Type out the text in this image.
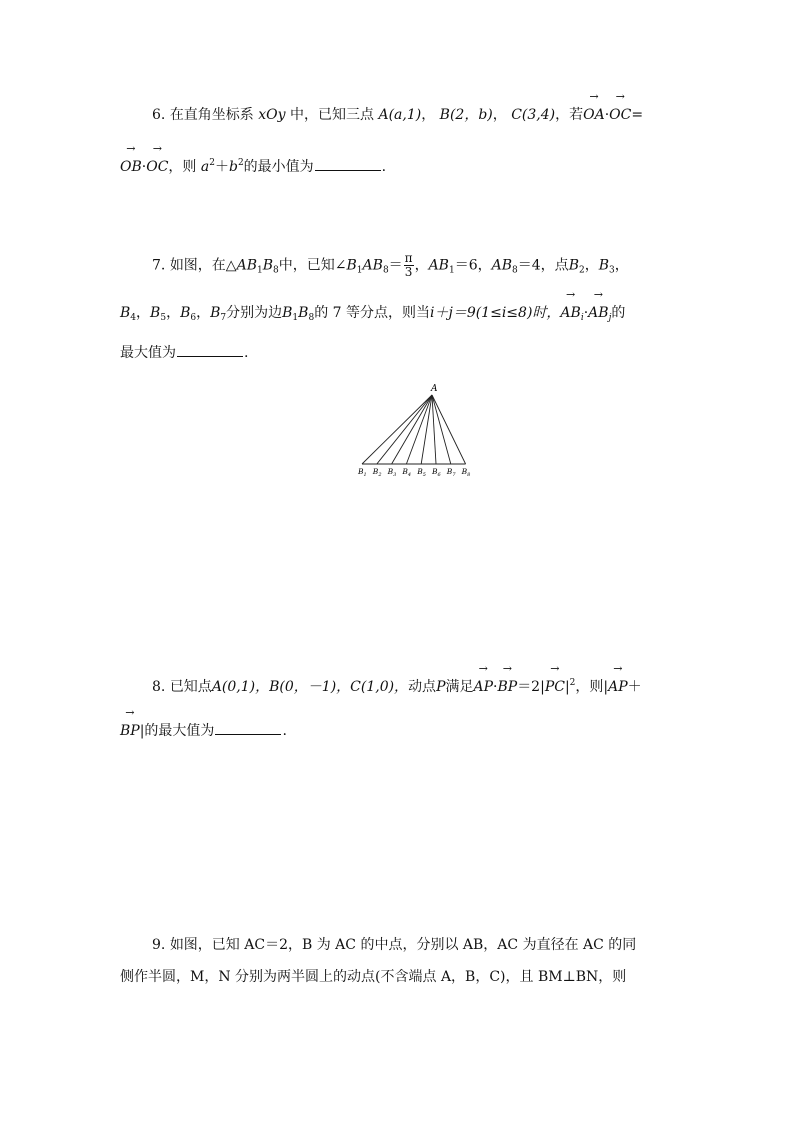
6. 在直角坐标系 xOy 中，已知三点 A(a,1)， B(2，b)， C(3,4)，若→ OA·→ OC=
→ OB·→ OC，则 $a^2+b^2$的最小值为	.
7. 如图，在$\triangle AB_1B_8$中，已知$\angle B_1AB_8= \frac{\pi}{3}$ ，$AB_1=6$，$AB_8=4$，点$B_2$，$B_3$，
$B_4$，$B_5$，$B_6$，$B_7$分别为边$B_1B_8$的 7 等分点，则当i＋j＝9(1≤i≤8)时，→ $AB_i\cdot\to AB_j$的
最大值为	.
A
$B_1$ $B_2$ $B_3$ $B_4$ $B_5$ $B_6$ $B_7$ $B_8$
8. 已知点A(0,1)，B(0，－1)，C(1,0)，动点P满足→ $AP\cdot\to BP=2|\to PC|^2$，则|→ AP＋
→ BP|的最大值为	.
9. 如图，已知 AC＝2，B 为 AC 的中点，分别以 AB，AC 为直径在 AC 的同
侧作半圆，M，N 分别为两半圆上的动点(不含端点 A，B，C)，且 BM⊥BN，则
